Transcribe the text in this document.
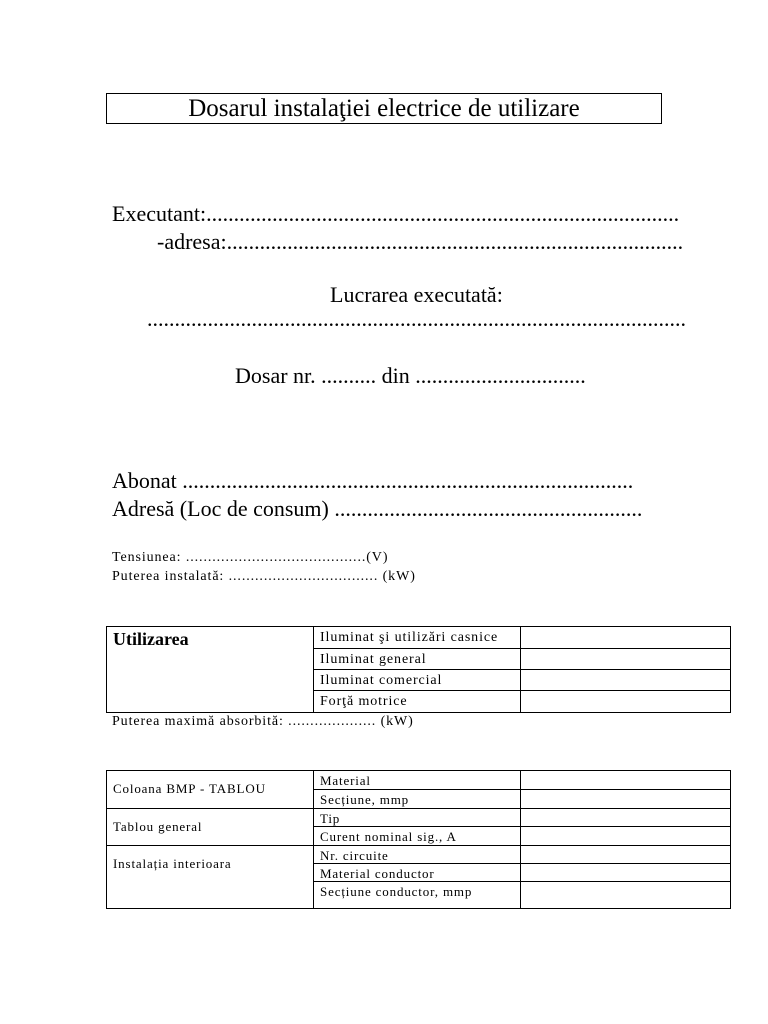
Dosarul instalaţiei electrice de utilizare
Executant:......................................................................................
-adresa:...................................................................................
Lucrarea executată:
..................................................................................................
Dosar nr. .......... din ...............................
Abonat ..................................................................................
Adresă (Loc de consum) ........................................................
Tensiunea: .........................................(V)
Puterea instalată: .................................. (kW)
Utilizarea	Iluminat şi utilizări casnice	
	Iluminat general	
	Iluminat comercial	
	Forţă motrice	
Puterea maximă absorbită: .................... (kW)
Coloana BMP - TABLOU	Material	
	Secțiune, mmp	
Tablou general	Tip	
	Curent nominal sig., A	
Instalația interioara	Nr. circuite	
	Material conductor	
	Secțiune conductor, mmp	
